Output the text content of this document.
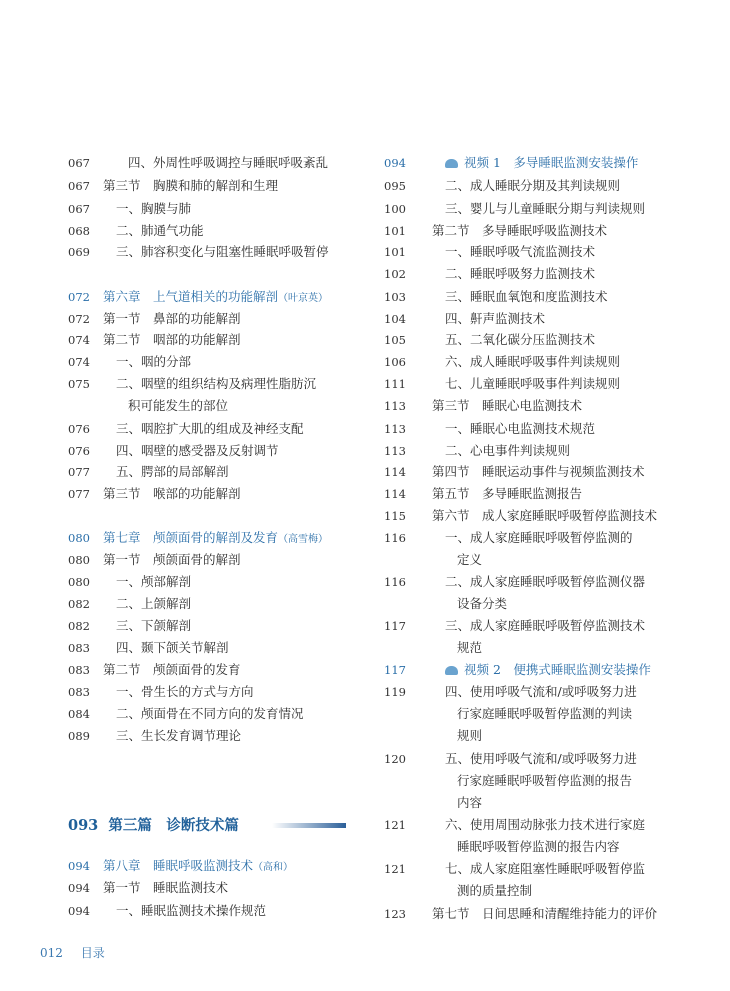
067	四、外周性呼吸调控与睡眠呼吸紊乱
067 第三节　胸膜和肺的解剖和生理
067 一、胸膜与肺
068 二、肺通气功能
069 三、肺容积变化与阻塞性睡眠呼吸暂停
072 第六章　上气道相关的功能解剖（叶京英）
072 第一节　鼻部的功能解剖
074 第二节　咽部的功能解剖
074 一、咽的分部
075 二、咽壁的组织结构及病理性脂肪沉
积可能发生的部位
076 三、咽腔扩大肌的组成及神经支配
076 四、咽壁的感受器及反射调节
077 五、腭部的局部解剖
077 第三节　喉部的功能解剖
080 第七章　颅颌面骨的解剖及发育（高雪梅）
080 第一节　颅颌面骨的解剖
080 一、颅部解剖
082 二、上颌解剖
082 三、下颌解剖
083 四、颞下颌关节解剖
083 第二节　颅颌面骨的发育
083 一、骨生长的方式与方向
084 二、颅面骨在不同方向的发育情况
089 三、生长发育调节理论
094 第八章　睡眠呼吸监测技术（高和）
094 第一节　睡眠监测技术
094 一、睡眠监测技术操作规范
094	视频 1　多导睡眠监测安装操作
095	二、成人睡眠分期及其判读规则
100	三、婴儿与儿童睡眠分期与判读规则
101 第二节　多导睡眠呼吸监测技术
101	一、睡眠呼吸气流监测技术
102	二、睡眠呼吸努力监测技术
103	三、睡眠血氧饱和度监测技术
104	四、鼾声监测技术
105	五、二氧化碳分压监测技术
106	六、成人睡眠呼吸事件判读规则
111	七、儿童睡眠呼吸事件判读规则
113 第三节　睡眠心电监测技术
113	一、睡眠心电监测技术规范
113	二、心电事件判读规则
114 第四节　睡眠运动事件与视频监测技术
114 第五节　多导睡眠监测报告
115 第六节　成人家庭睡眠呼吸暂停监测技术
116	一、成人家庭睡眠呼吸暂停监测的
定义
116	二、成人家庭睡眠呼吸暂停监测仪器
设备分类
117	三、成人家庭睡眠呼吸暂停监测技术
规范
117	视频 2　便携式睡眠监测安装操作
119	四、使用呼吸气流和/或呼吸努力进
行家庭睡眠呼吸暂停监测的判读
规则
120	五、使用呼吸气流和/或呼吸努力进
行家庭睡眠呼吸暂停监测的报告
内容
121	六、使用周围动脉张力技术进行家庭
睡眠呼吸暂停监测的报告内容
121	七、成人家庭阻塞性睡眠呼吸暂停监
测的质量控制
123 第七节　日间思睡和清醒维持能力的评价
093 第三篇　诊断技术篇
012 目录
